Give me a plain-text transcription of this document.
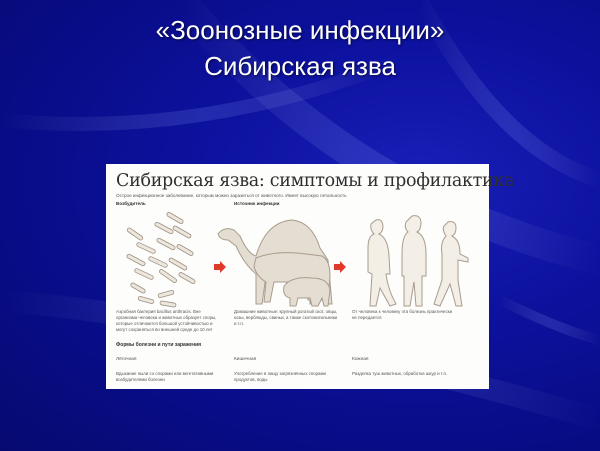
«Зоонозные инфекции»
Сибирская язва
Сибирская язва: симптомы и профилактика
Острое инфекционное заболевание, которым можно заразиться от животного. Имеет высокую летальность
Возбудитель	Источник инфекции
Аэробная бактерия bacillus anthracis. Вне организма человека и животных образует споры, которые отличаются большой устойчивостью и могут сохраняться во внешней среде до 10 лет
Домашние животные: крупный рогатый скот, овцы, козы, верблюды, свиньи, а также скотомогильники и т.п.
От человека к человеку эта болезнь практически не передается
Формы болезни и пути заражения
Лёгочная	Кишечная	Кожная
Вдыхание пыли со спорами или вегетативными возбудителями болезни
Употребление в пищу загрязнённых спорами продуктов, воды
Разделка туш животных, обработка шкур и т.п.
